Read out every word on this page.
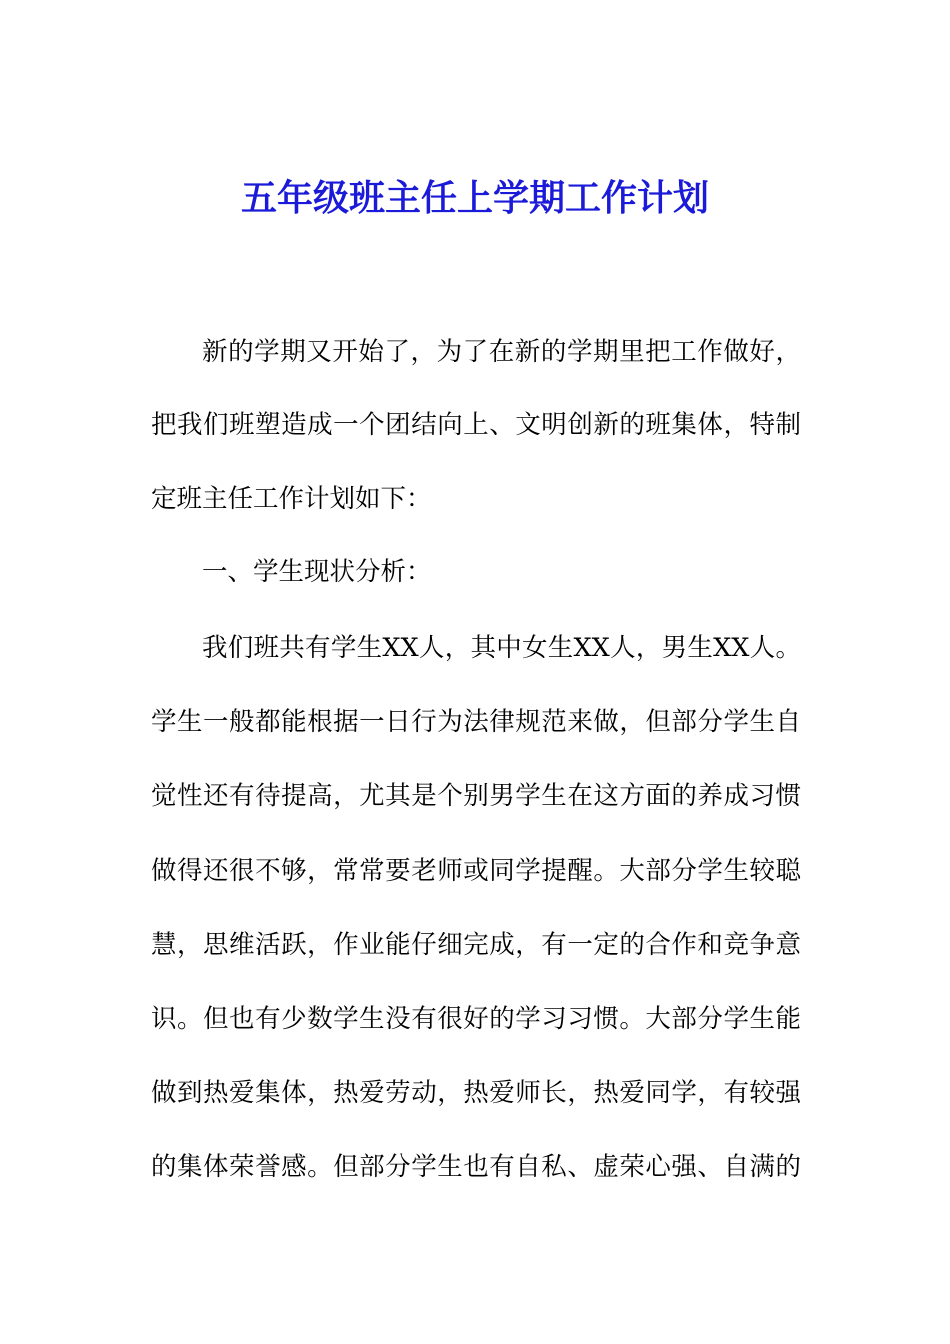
五年级班主任上学期工作计划

新的学期又开始了，为了在新的学期里把工作做好，

把我们班塑造成一个团结向上、文明创新的班集体，特制

定班主任工作计划如下：

一、学生现状分析：

我们班共有学生XX人，其中女生XX人，男生XX人。

学生一般都能根据一日行为法律规范来做，但部分学生自

觉性还有待提高，尤其是个别男学生在这方面的养成习惯

做得还很不够，常常要老师或同学提醒。大部分学生较聪

慧，思维活跃，作业能仔细完成，有一定的合作和竞争意

识。但也有少数学生没有很好的学习习惯。大部分学生能

做到热爱集体，热爱劳动，热爱师长，热爱同学，有较强

的集体荣誉感。但部分学生也有自私、虚荣心强、自满的
